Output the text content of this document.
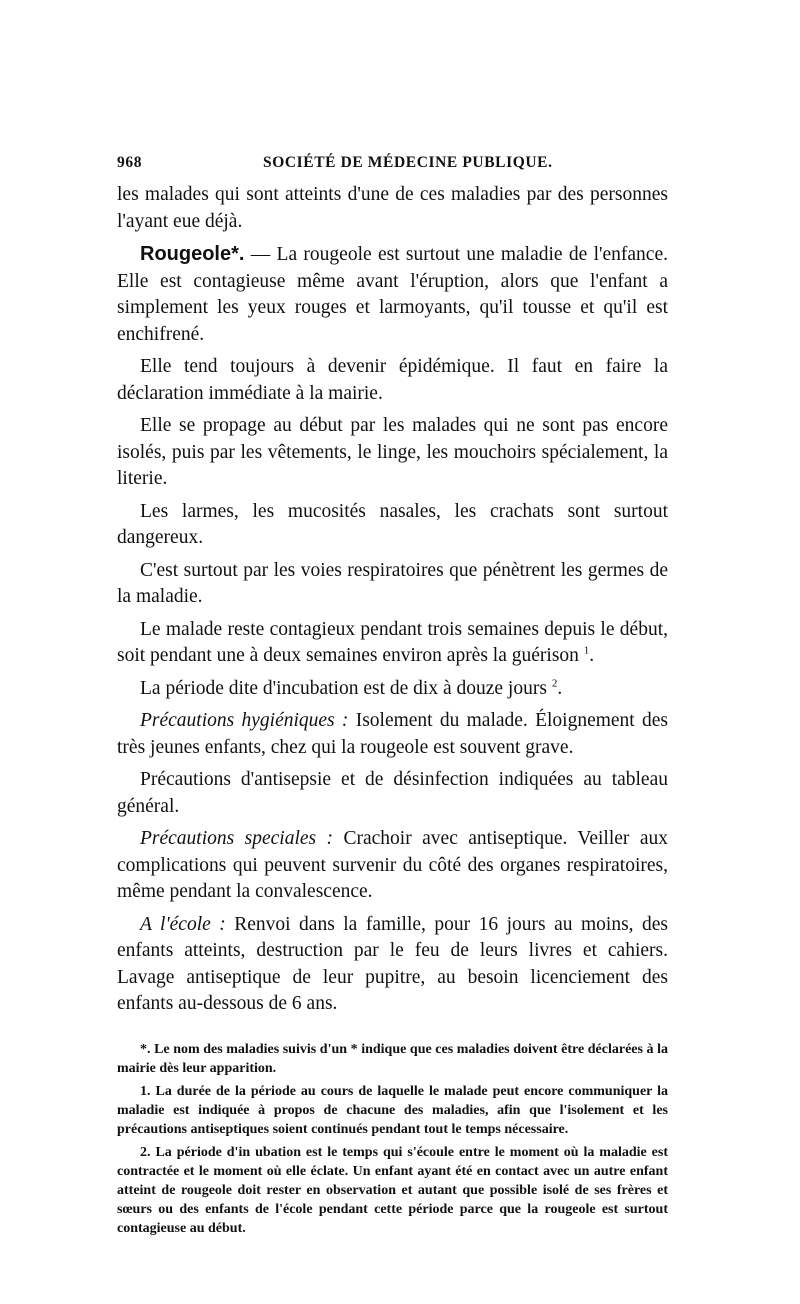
968	SOCIÉTÉ DE MÉDECINE PUBLIQUE.

les malades qui sont atteints d'une de ces maladies par des personnes l'ayant eue déjà.

Rougeole*. — La rougeole est surtout une maladie de l'enfance. Elle est contagieuse même avant l'éruption, alors que l'enfant a simplement les yeux rouges et larmoyants, qu'il tousse et qu'il est enchifrené.

Elle tend toujours à devenir épidémique. Il faut en faire la déclaration immédiate à la mairie.

Elle se propage au début par les malades qui ne sont pas encore isolés, puis par les vêtements, le linge, les mouchoirs spécialement, la literie.

Les larmes, les mucosités nasales, les crachats sont surtout dangereux.

C'est surtout par les voies respiratoires que pénètrent les germes de la maladie.

Le malade reste contagieux pendant trois semaines depuis le début, soit pendant une à deux semaines environ après la guérison $^1$.

La période dite d'incubation est de dix à douze jours $^2$.

Précautions hygiéniques : Isolement du malade. Éloignement des très jeunes enfants, chez qui la rougeole est souvent grave.

Précautions d'antisepsie et de désinfection indiquées au tableau général.

Précautions speciales : Crachoir avec antiseptique. Veiller aux complications qui peuvent survenir du côté des organes respiratoires, même pendant la convalescence.

A l'école : Renvoi dans la famille, pour 16 jours au moins, des enfants atteints, destruction par le feu de leurs livres et cahiers. Lavage antiseptique de leur pupitre, au besoin licenciement des enfants au-dessous de 6 ans.

*. Le nom des maladies suivis d'un * indique que ces maladies doivent être déclarées à la mairie dès leur apparition.

1. La durée de la période au cours de laquelle le malade peut encore communiquer la maladie est indiquée à propos de chacune des maladies, afin que l'isolement et les précautions antiseptiques soient continués pendant tout le temps nécessaire.

2. La période d'in ubation est le temps qui s'écoule entre le moment où la maladie est contractée et le moment où elle éclate. Un enfant ayant été en contact avec un autre enfant atteint de rougeole doit rester en observation et autant que possible isolé de ses frères et sœurs ou des enfants de l'école pendant cette période parce que la rougeole est surtout contagieuse au début.
